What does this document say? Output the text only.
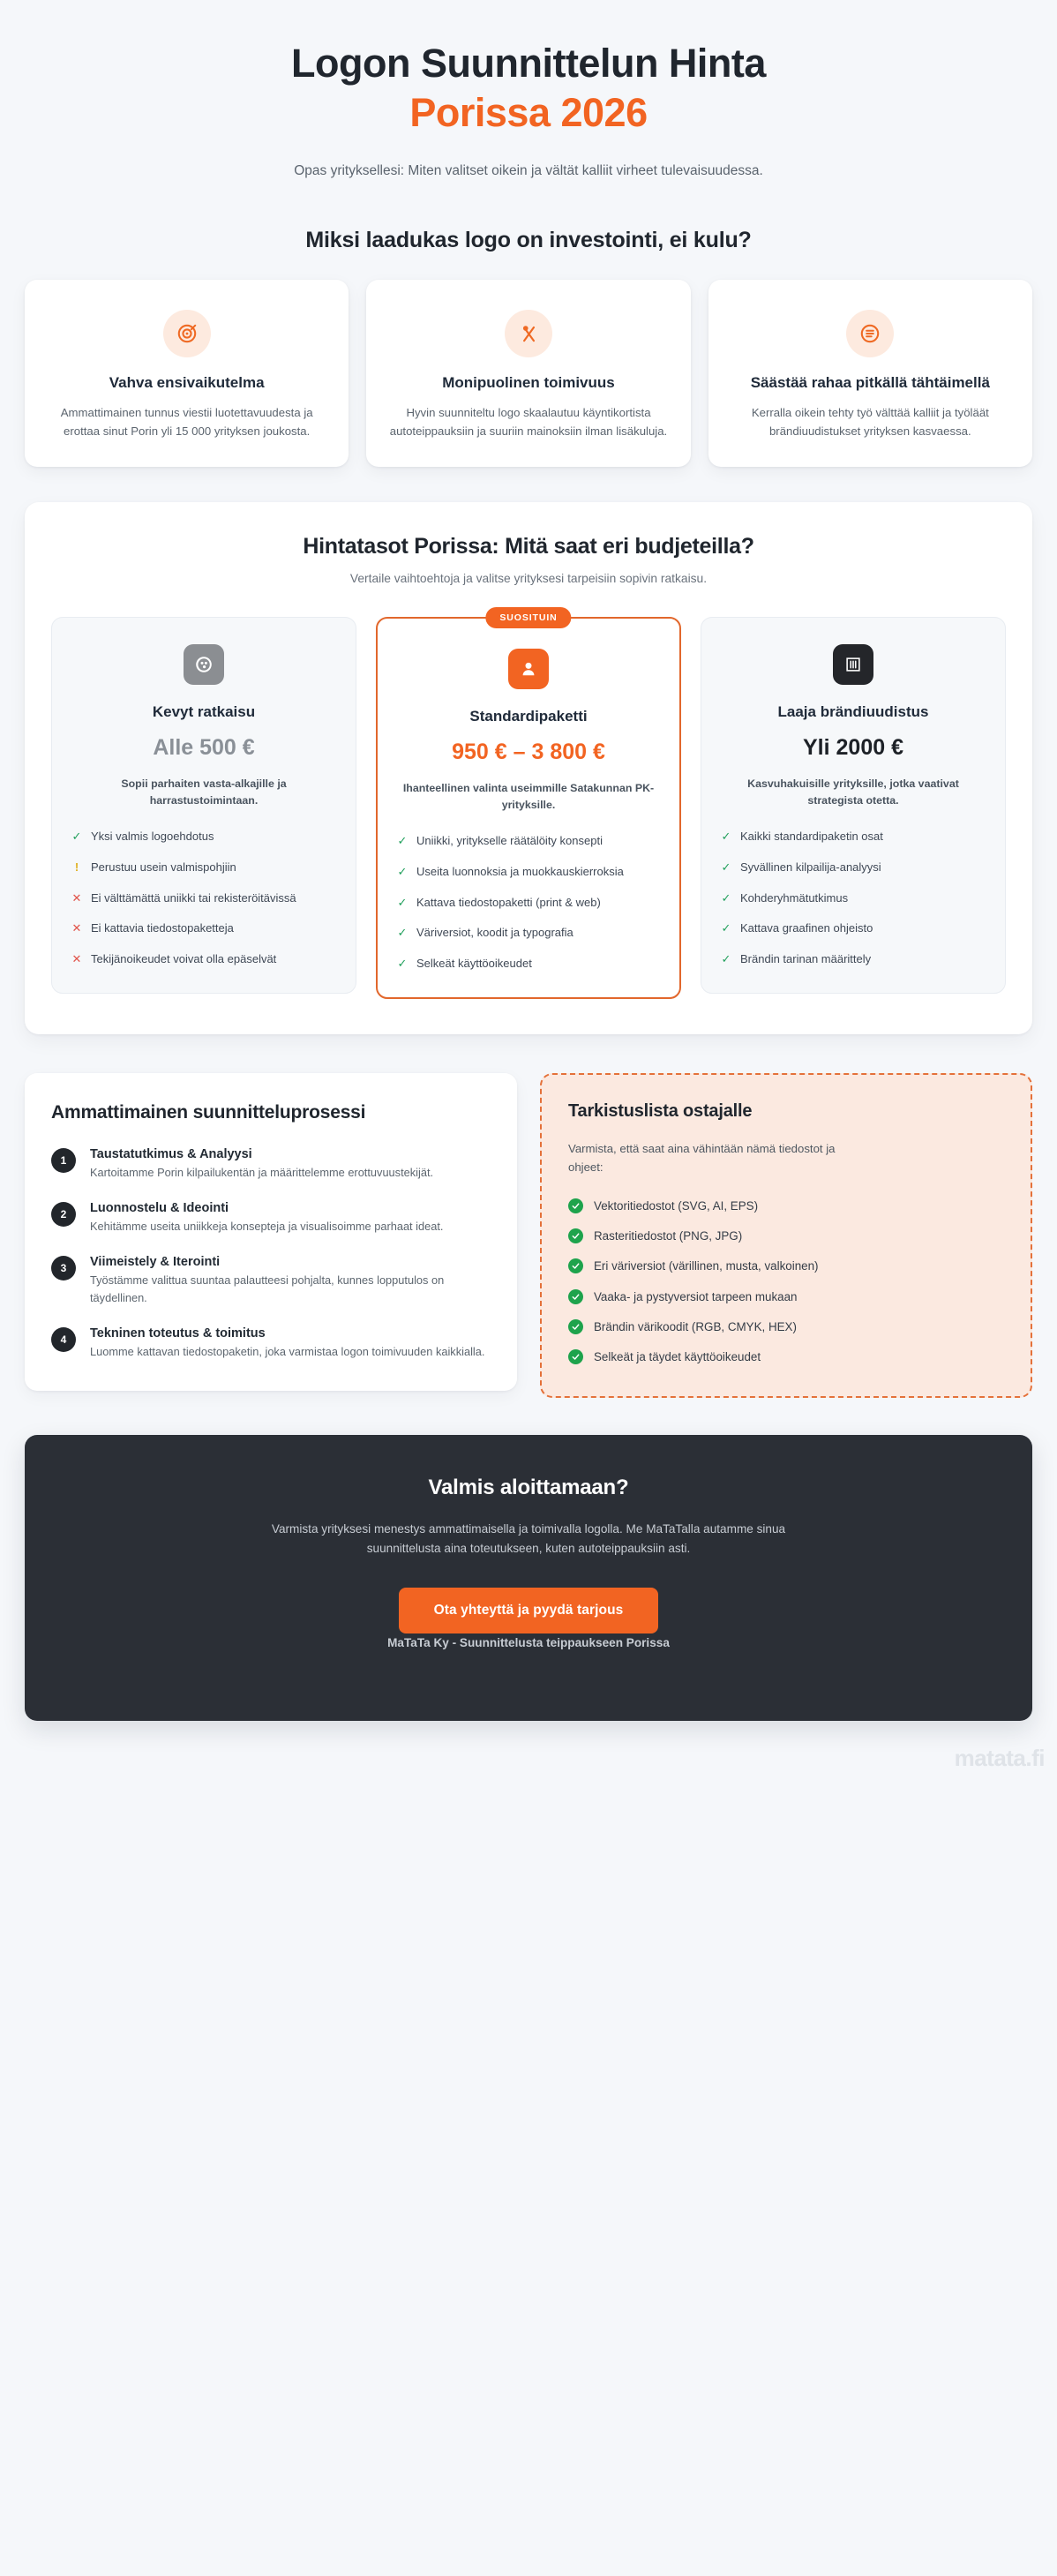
Logon Suunnittelun Hinta
Porissa 2026

Opas yrityksellesi: Miten valitset oikein ja vältät kalliit virheet tulevaisuudessa.

Miksi laadukas logo on investointi, ei kulu?
Vahva ensivaikutelma

Ammattimainen tunnus viestii luotettavuudesta ja erottaa sinut Porin yli 15 000 yrityksen joukosta.

Monipuolinen toimivuus

Hyvin suunniteltu logo skaalautuu käyntikortista autoteippauksiin ja suuriin mainoksiin ilman lisäkuluja.

Säästää rahaa pitkällä tähtäimellä

Kerralla oikein tehty työ välttää kalliit ja työläät brändiuudistukset yrityksen kasvaessa.

Hintatasot Porissa: Mitä saat eri budjeteilla?

Vertaile vaihtoehtoja ja valitse yrityksesi tarpeisiin sopivin ratkaisu.

Kevyt ratkaisu
Alle 500 €

Sopii parhaiten vasta-alkajille ja harrastustoimintaan.

✓ Yksi valmis logoehdotus
! Perustuu usein valmispohjiin
✕ Ei välttämättä uniikki tai rekisteröitävissä
✕ Ei kattavia tiedostopaketteja
✕ Tekijänoikeudet voivat olla epäselvät
SUOSITUIN
Standardipaketti
950 € – 3 800 €

Ihanteellinen valinta useimmille Satakunnan PK-yrityksille.

✓ Uniikki, yritykselle räätälöity konsepti
✓ Useita luonnoksia ja muokkauskierroksia
✓ Kattava tiedostopaketti (print & web)
✓ Väriversiot, koodit ja typografia
✓ Selkeät käyttöoikeudet
Laaja brändiuudistus
Yli 2000 €

Kasvuhakuisille yrityksille, jotka vaativat strategista otetta.

✓ Kaikki standardipaketin osat
✓ Syvällinen kilpailija-analyysi
✓ Kohderyhmätutkimus
✓ Kattava graafinen ohjeisto
✓ Brändin tarinan määrittely
Ammattimainen suunnitteluprosessi
1	Taustatutkimus & Analyysi

Kartoitamme Porin kilpailukentän ja määrittelemme erottuvuustekijät.

2	Luonnostelu & Ideointi

Kehitämme useita uniikkeja konsepteja ja visualisoimme parhaat ideat.

3	Viimeistely & Iterointi

Työstämme valittua suuntaa palautteesi pohjalta, kunnes lopputulos on täydellinen.

4	Tekninen toteutus & toimitus

Luomme kattavan tiedostopaketin, joka varmistaa logon toimivuuden kaikkialla.

Tarkistuslista ostajalle

Varmista, että saat aina vähintään nämä tiedostot ja ohjeet:

Vektoritiedostot (SVG, AI, EPS)
Rasteritiedostot (PNG, JPG)
Eri väriversiot (värillinen, musta, valkoinen)
Vaaka- ja pystyversiot tarpeen mukaan
Brändin värikoodit (RGB, CMYK, HEX)
Selkeät ja täydet käyttöoikeudet
Valmis aloittamaan?

Varmista yrityksesi menestys ammattimaisella ja toimivalla logolla. Me MaTaTalla autamme sinua suunnittelusta aina toteutukseen, kuten autoteippauksiin asti.

Ota yhteyttä ja pyydä tarjous

MaTaTa Ky - Suunnittelusta teippaukseen Porissa

matata.fi
